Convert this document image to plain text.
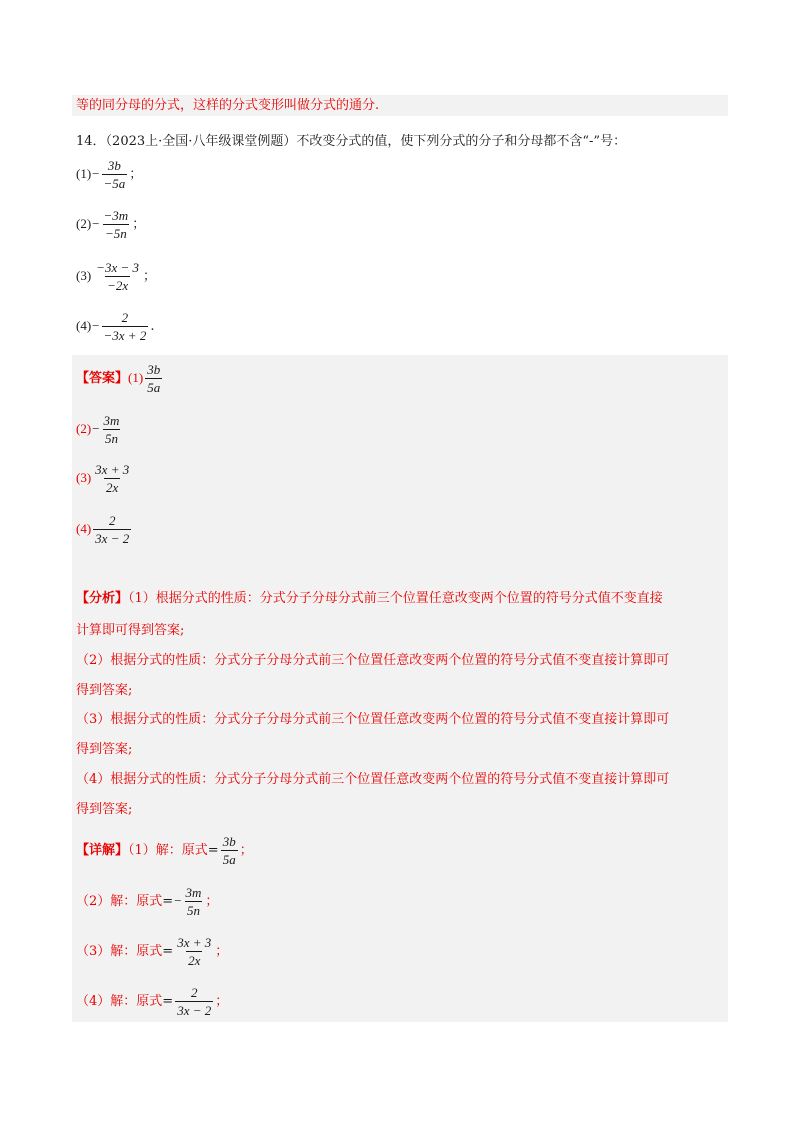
等的同分母的分式，这样的分式变形叫做分式的通分.
14．（2023上·全国·八年级课堂例题）不改变分式的值，使下列分式的分子和分母都不含“-”号：
$(1)- \frac{3b}{-5a}$ ；
$(2)- \frac{-3m}{-5n}$ ；
$(3) \frac{-3x - 3}{-2x}$ ；
$(4)- \frac{2}{-3x + 2}$ .
【答案】$(1) \frac{3b}{5a}$
$(2)- \frac{3m}{5n}$
$(3) \frac{3x + 3}{2x}$
$(4) \frac{2}{3x - 2}$
【分析】（1）根据分式的性质：分式分子分母分式前三个位置任意改变两个位置的符号分式值不变直接
计算即可得到答案;
（2）根据分式的性质：分式分子分母分式前三个位置任意改变两个位置的符号分式值不变直接计算即可
得到答案;
（3）根据分式的性质：分式分子分母分式前三个位置任意改变两个位置的符号分式值不变直接计算即可
得到答案;
（4）根据分式的性质：分式分子分母分式前三个位置任意改变两个位置的符号分式值不变直接计算即可
得到答案;
【详解】（1）解：原式= $\frac{3b}{5a}$ ；
（2）解：原式=− $\frac{3m}{5n}$ ；
（3）解：原式= $\frac{3x + 3}{2x}$ ；
（4）解：原式= $\frac{2}{3x - 2}$ ；
